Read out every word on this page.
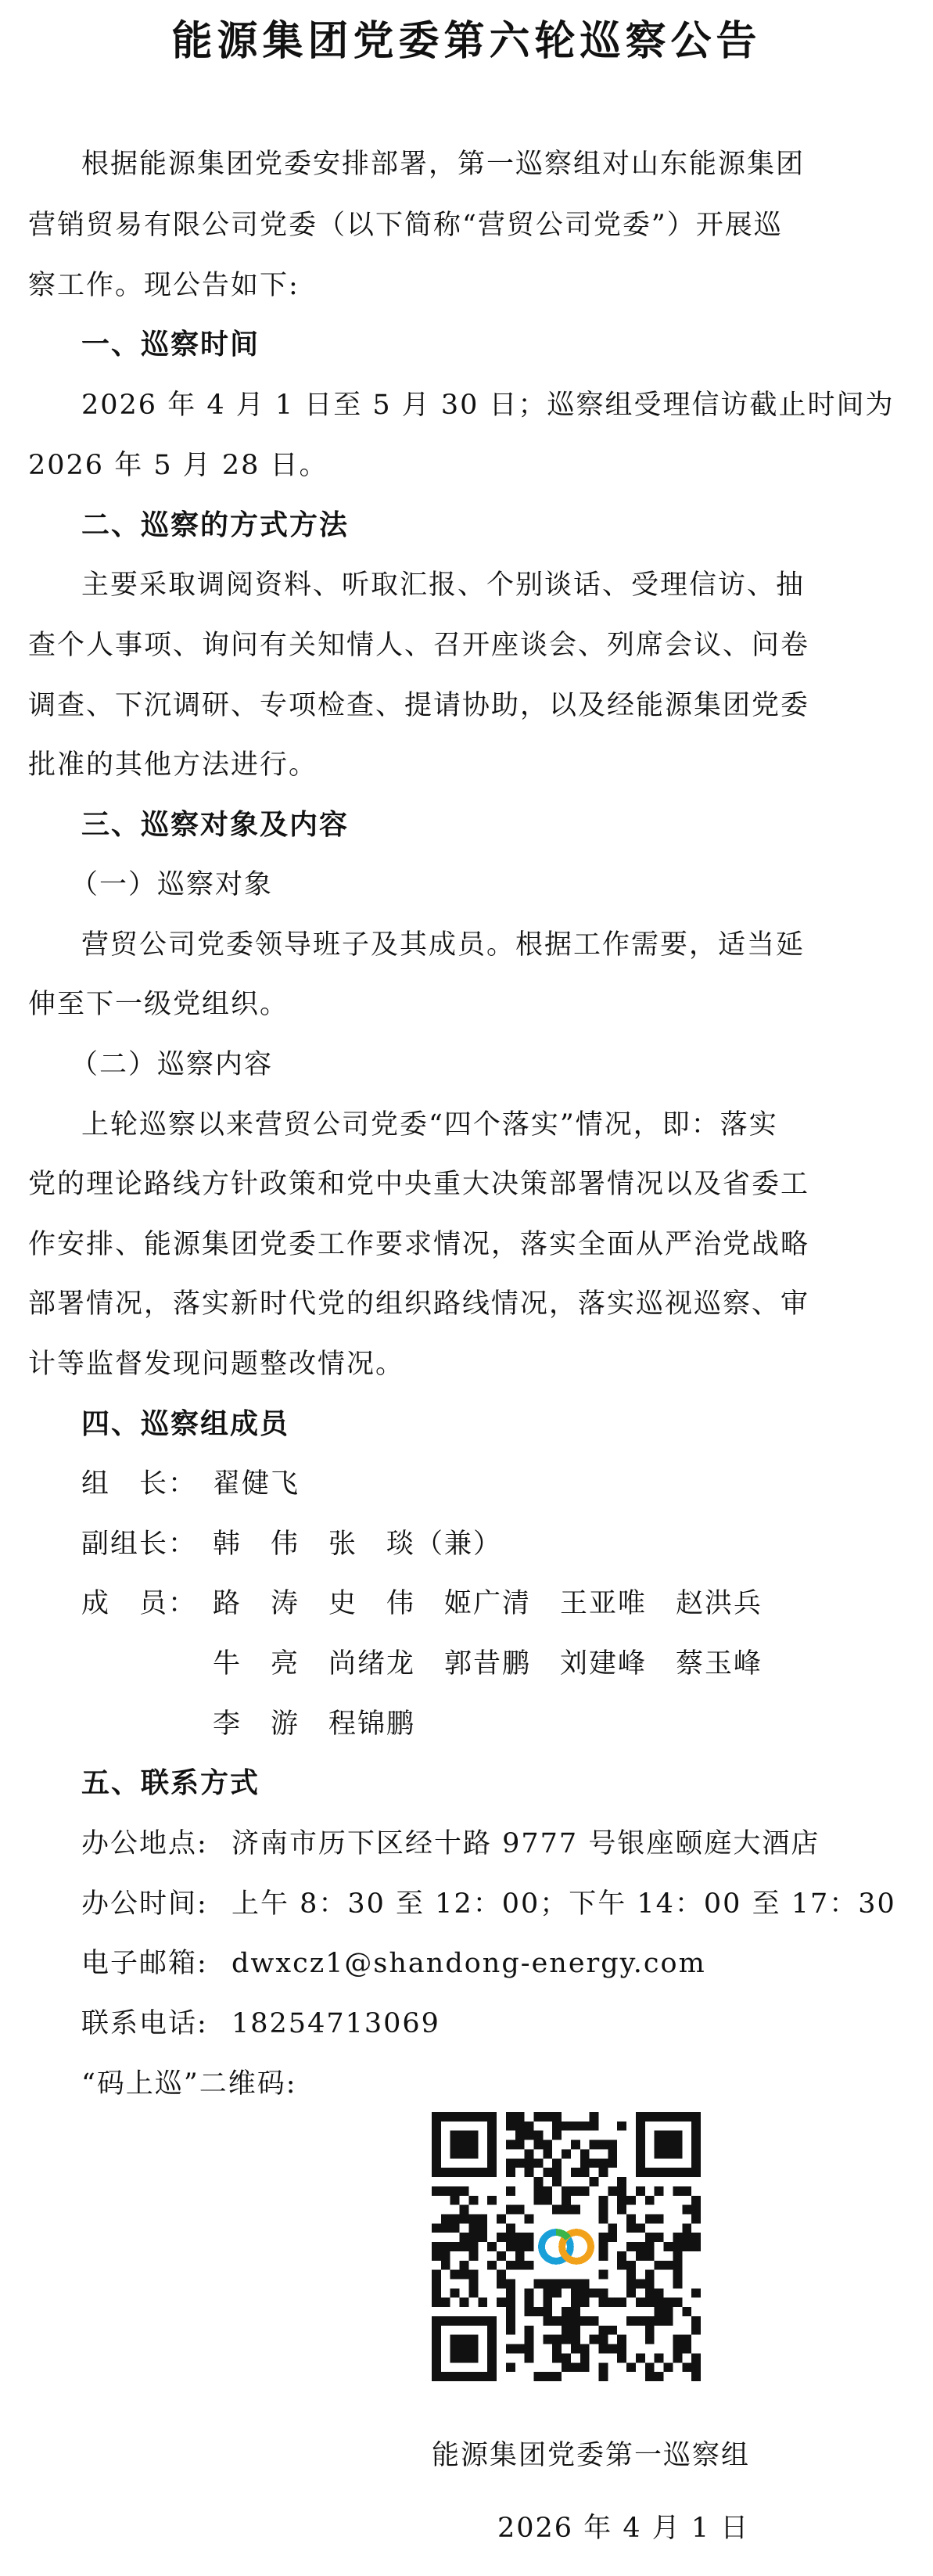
能源集团党委第六轮巡察公告
根据能源集团党委安排部署，第一巡察组对山东能源集团
营销贸易有限公司党委（以下简称“营贸公司党委”）开展巡
察工作。现公告如下:
一、巡察时间
2026 年 4 月 1 日至 5 月 30 日；巡察组受理信访截止时间为
2026 年 5 月 28 日。
二、巡察的方式方法
主要采取调阅资料、听取汇报、个别谈话、受理信访、抽
查个人事项、询问有关知情人、召开座谈会、列席会议、问卷
调查、下沉调研、专项检查、提请协助，以及经能源集团党委
批准的其他方法进行。
三、巡察对象及内容
（一）巡察对象
营贸公司党委领导班子及其成员。根据工作需要，适当延
伸至下一级党组织。
（二）巡察内容
上轮巡察以来营贸公司党委“四个落实”情况，即：落实
党的理论路线方针政策和党中央重大决策部署情况以及省委工
作安排、能源集团党委工作要求情况，落实全面从严治党战略
部署情况，落实新时代党的组织路线情况，落实巡视巡察、审
计等监督发现问题整改情况。
四、巡察组成员
组　长： 翟健飞
副组长： 韩　伟　张　琰（兼）
成　员： 路　涛　史　伟　姬广清　王亚唯　赵洪兵
牛　亮　尚绪龙　郭昔鹏　刘建峰　蔡玉峰
李　游　程锦鹏
五、联系方式
办公地点: 济南市历下区经十路 9777 号银座颐庭大酒店
办公时间: 上午 8：30 至 12：00；下午 14：00 至 17：30
电子邮箱: dwxcz1@shandong-energy.com
联系电话: 18254713069
“码上巡”二维码:
能源集团党委第一巡察组
2026 年 4 月 1 日
